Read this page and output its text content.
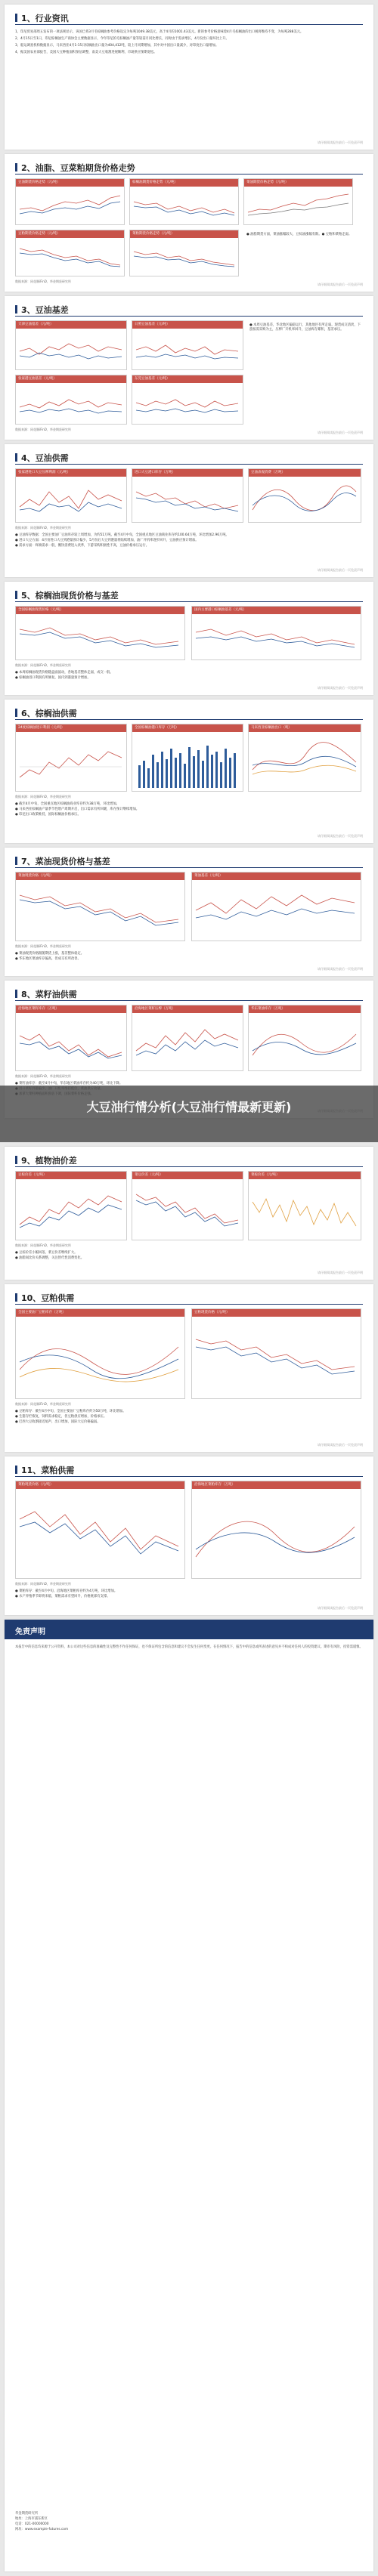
1、行业资讯

1、印尼贸易部周五发布的一项法规显示，该国已将3月毛棕榈油参考价格设定为每吨1049.38美元，高于4月的1001.43美元。新的参考价格意味着4月毛棕榈油的出口税将维持不变，为每吨288美元。

2、4月15日至1日，印尼棕榈油生产商协会主要数据显示，今年印尼的毛棕榈油产量等较前月同比增长，同时由于需求增长，4月份出口量环比上升。

3、船运调查机构数据显示，马来西亚4月1-15日棕榈油出口量为404,412吨，较上月同期增加，其中对中国出口量减少，对印度出口量增加。

4、据美国农业部报告，美国大豆种植面积预估调整，南美大豆收割进展顺利，市场供应预期宽松。

请仔细阅读报告最后一页免责声明
2、油脂、豆菜粕期货价格走势
豆油期货价格走势（元/吨）	棕榈油期货价格走势（元/吨）	菜油期货价格走势（元/吨）
豆粕期货价格走势（元/吨）	菜粕期货价格走势（元/吨）	● 油脂期货方面，菜油涨幅较大，豆棕油涨幅有限。● 豆粕和菜粕走弱。
数据来源：同花顺iFinD，华金期货研究所
请仔细阅读报告最后一页免责声明
3、豆油基差
天津豆油基差（元/吨）	日照豆油基差（元/吨）
张家港豆油基差（元/吨）	东莞豆油基差（元/吨）
● 本周豆油基差，华北地区偏稳运行，其他地区有所走弱。现货成交清淡，下游按需采购为主，压榨厂开机率回升，豆油库存累积，基差承压。
数据来源：同花顺iFinD，华金期货研究所
请仔细阅读报告最后一页免责声明
4、豆油供需
张家港进口大豆压榨利润（元/吨）	进口大豆港口库存（万吨）	豆油表观消费（万吨）
数据来源：同花顺iFinD，华金期货研究所

● 豆油库存数据：全国主要油厂豆油库存较上周增加，为约51万吨。截至4月中旬，全国重点地区豆油商业库存约100.64万吨，环比增加2.96万吨。

● 进口大豆方面：4月份进口大豆到港量预计偏少，5月份后大豆到港量将陆续增加，油厂开机率逐步回升，豆油供应预计增加。

● 需求方面：终端需求一般，餐饮消费进入淡季，下游采购积极性不高，豆油价格承压运行。

请仔细阅读报告最后一页免责声明
5、棕榈油现货价格与基差
全国棕榈油现货价格（元/吨）	国内主要港口棕榈油基差（元/吨）
数据来源：同花顺iFinD，华金期货研究所

● 本周棕榈油现货价格随盘面波动，各地基差整体走弱，成交一般。

● 棕榈油进口利润有所修复，国内到港量预计增加。

请仔细阅读报告最后一页免责声明
6、棕榈油供需
24度棕榈油进口利润（元/吨）	全国棕榈油港口库存（万吨）	马来西亚棕榈油出口（吨）
数据来源：同花顺iFinD，华金期货研究所

● 截至4月中旬，全国重点地区棕榈油商业库存约为38万吨，环比增加。

● 马来西亚棕榈油产量季节性增产周期开启，出口需求有所回暖，库存预计继续增加。

● 印尼出口政策维持，国际棕榈油价格承压。

请仔细阅读报告最后一页免责声明
7、菜油现货价格与基差
菜油现货价格（元/吨）	菜油基差（元/吨）
数据来源：同花顺iFinD，华金期货研究所

● 菜油现货价格跟随期货上涨，基差整体稳定。

● 华东地区菜油库存偏高，但成交有所改善。

请仔细阅读报告最后一页免责声明
8、菜籽油供需
沿海地区菜籽库存（万吨）	沿海地区菜籽压榨（万吨）	华东菜油库存（万吨）
数据来源：同花顺iFinD，华金期货研究所

● 菜籽油库存：截至4月中旬，华东地区菜油库存约为40万吨，环比下降。

大豆油行情分析(大豆油行情最新更新)
9、植物油价差
豆棕价差（元/吨）	菜豆价差（元/吨）	菜棕价差（元/吨）
数据来源：同花顺iFinD，华金期货研究所

● 豆棕价差小幅回落，菜豆价差继续扩大。

● 油脂间比价关系调整，关注替代性消费变化。

请仔细阅读报告最后一页免责声明
10、豆粕供需
全国主要油厂豆粕库存（万吨）	豆粕现货价格（元/吨）
数据来源：同花顺iFinD，华金期货研究所

● 豆粕库存：截至4月中旬，全国主要油厂豆粕库存约为50万吨，环比增加。

● 生猪存栏恢复，饲料需求稳定，但豆粕供应增加，价格承压。

● 巴西大豆收割接近尾声，出口增加，国际大豆价格偏弱。

请仔细阅读报告最后一页免责声明
11、菜粕供需
菜粕现货价格（元/吨）	沿海地区菜粕库存（万吨）
数据来源：同花顺iFinD，华金期货研究所

● 菜粕库存：截至4月中旬，沿海地区菜粕库存约为4万吨，环比增加。

● 水产养殖季节即将来临，菜粕需求有望回升，价格底部有支撑。

请仔细阅读报告最后一页免责声明
免责声明
本报告中的信息均来源于公开资料，本公司对这些信息的准确性及完整性不作任何保证，也不保证所包含的信息和建议不会发生任何变更。在任何情况下，报告中的信息或所表述的意见并不构成对任何人的投资建议。期市有风险，投资需谨慎。

华金期货研究所

地址：上海市浦东新区

电话：021-00000000

网址：www.example-futures.com
